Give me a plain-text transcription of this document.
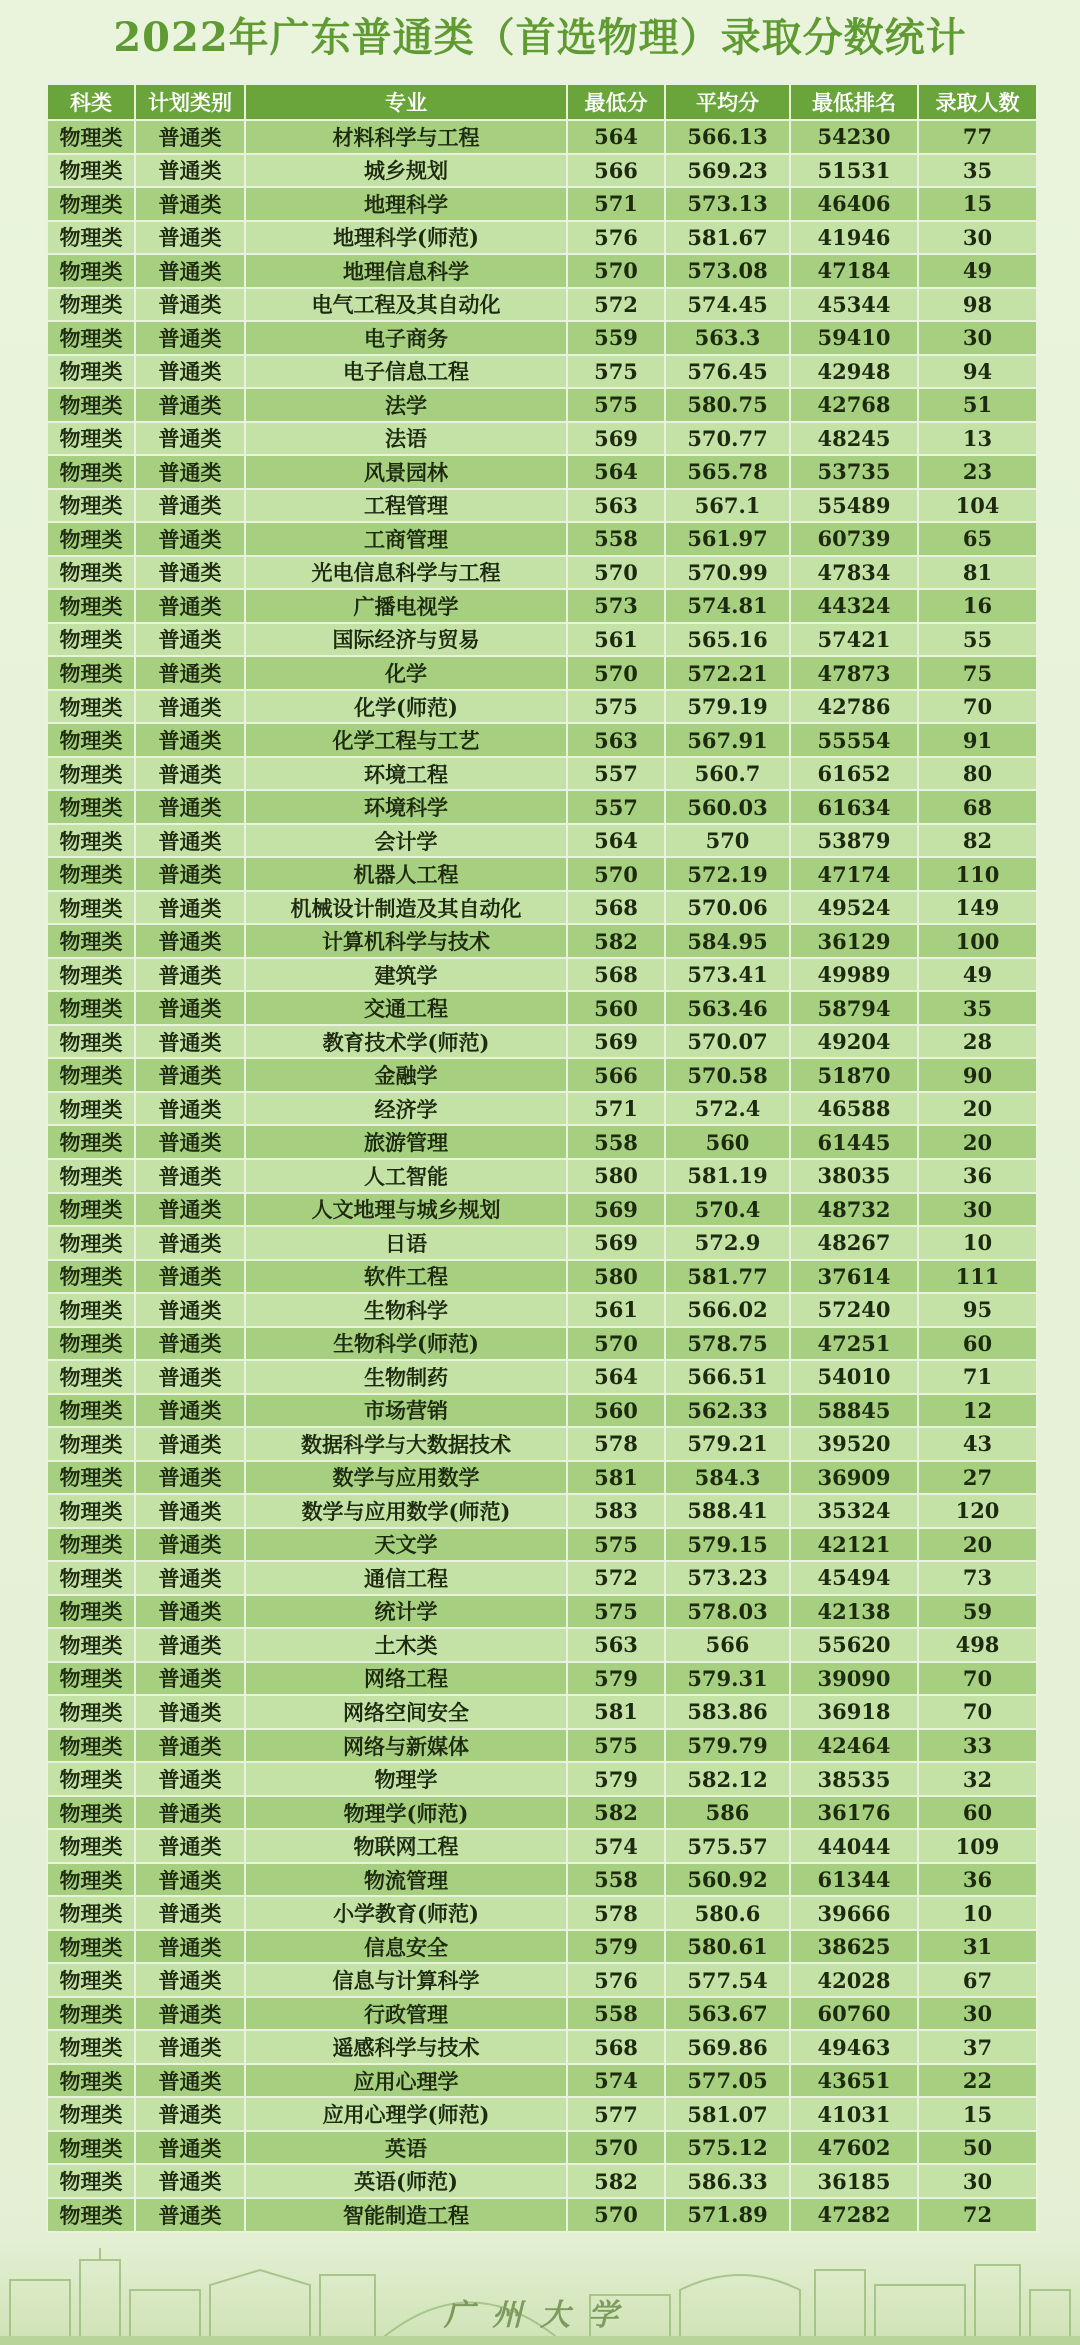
2022年广东普通类（首选物理）录取分数统计
科类	计划类别	专业	最低分	平均分	最低排名	录取人数
物理类	普通类	材料科学与工程	564	566.13	54230	77
物理类	普通类	城乡规划	566	569.23	51531	35
物理类	普通类	地理科学	571	573.13	46406	15
物理类	普通类	地理科学(师范)	576	581.67	41946	30
物理类	普通类	地理信息科学	570	573.08	47184	49
物理类	普通类	电气工程及其自动化	572	574.45	45344	98
物理类	普通类	电子商务	559	563.3	59410	30
物理类	普通类	电子信息工程	575	576.45	42948	94
物理类	普通类	法学	575	580.75	42768	51
物理类	普通类	法语	569	570.77	48245	13
物理类	普通类	风景园林	564	565.78	53735	23
物理类	普通类	工程管理	563	567.1	55489	104
物理类	普通类	工商管理	558	561.97	60739	65
物理类	普通类	光电信息科学与工程	570	570.99	47834	81
物理类	普通类	广播电视学	573	574.81	44324	16
物理类	普通类	国际经济与贸易	561	565.16	57421	55
物理类	普通类	化学	570	572.21	47873	75
物理类	普通类	化学(师范)	575	579.19	42786	70
物理类	普通类	化学工程与工艺	563	567.91	55554	91
物理类	普通类	环境工程	557	560.7	61652	80
物理类	普通类	环境科学	557	560.03	61634	68
物理类	普通类	会计学	564	570	53879	82
物理类	普通类	机器人工程	570	572.19	47174	110
物理类	普通类	机械设计制造及其自动化	568	570.06	49524	149
物理类	普通类	计算机科学与技术	582	584.95	36129	100
物理类	普通类	建筑学	568	573.41	49989	49
物理类	普通类	交通工程	560	563.46	58794	35
物理类	普通类	教育技术学(师范)	569	570.07	49204	28
物理类	普通类	金融学	566	570.58	51870	90
物理类	普通类	经济学	571	572.4	46588	20
物理类	普通类	旅游管理	558	560	61445	20
物理类	普通类	人工智能	580	581.19	38035	36
物理类	普通类	人文地理与城乡规划	569	570.4	48732	30
物理类	普通类	日语	569	572.9	48267	10
物理类	普通类	软件工程	580	581.77	37614	111
物理类	普通类	生物科学	561	566.02	57240	95
物理类	普通类	生物科学(师范)	570	578.75	47251	60
物理类	普通类	生物制药	564	566.51	54010	71
物理类	普通类	市场营销	560	562.33	58845	12
物理类	普通类	数据科学与大数据技术	578	579.21	39520	43
物理类	普通类	数学与应用数学	581	584.3	36909	27
物理类	普通类	数学与应用数学(师范)	583	588.41	35324	120
物理类	普通类	天文学	575	579.15	42121	20
物理类	普通类	通信工程	572	573.23	45494	73
物理类	普通类	统计学	575	578.03	42138	59
物理类	普通类	土木类	563	566	55620	498
物理类	普通类	网络工程	579	579.31	39090	70
物理类	普通类	网络空间安全	581	583.86	36918	70
物理类	普通类	网络与新媒体	575	579.79	42464	33
物理类	普通类	物理学	579	582.12	38535	32
物理类	普通类	物理学(师范)	582	586	36176	60
物理类	普通类	物联网工程	574	575.57	44044	109
物理类	普通类	物流管理	558	560.92	61344	36
物理类	普通类	小学教育(师范)	578	580.6	39666	10
物理类	普通类	信息安全	579	580.61	38625	31
物理类	普通类	信息与计算科学	576	577.54	42028	67
物理类	普通类	行政管理	558	563.67	60760	30
物理类	普通类	遥感科学与技术	568	569.86	49463	37
物理类	普通类	应用心理学	574	577.05	43651	22
物理类	普通类	应用心理学(师范)	577	581.07	41031	15
物理类	普通类	英语	570	575.12	47602	50
物理类	普通类	英语(师范)	582	586.33	36185	30
物理类	普通类	智能制造工程	570	571.89	47282	72
广州大学
